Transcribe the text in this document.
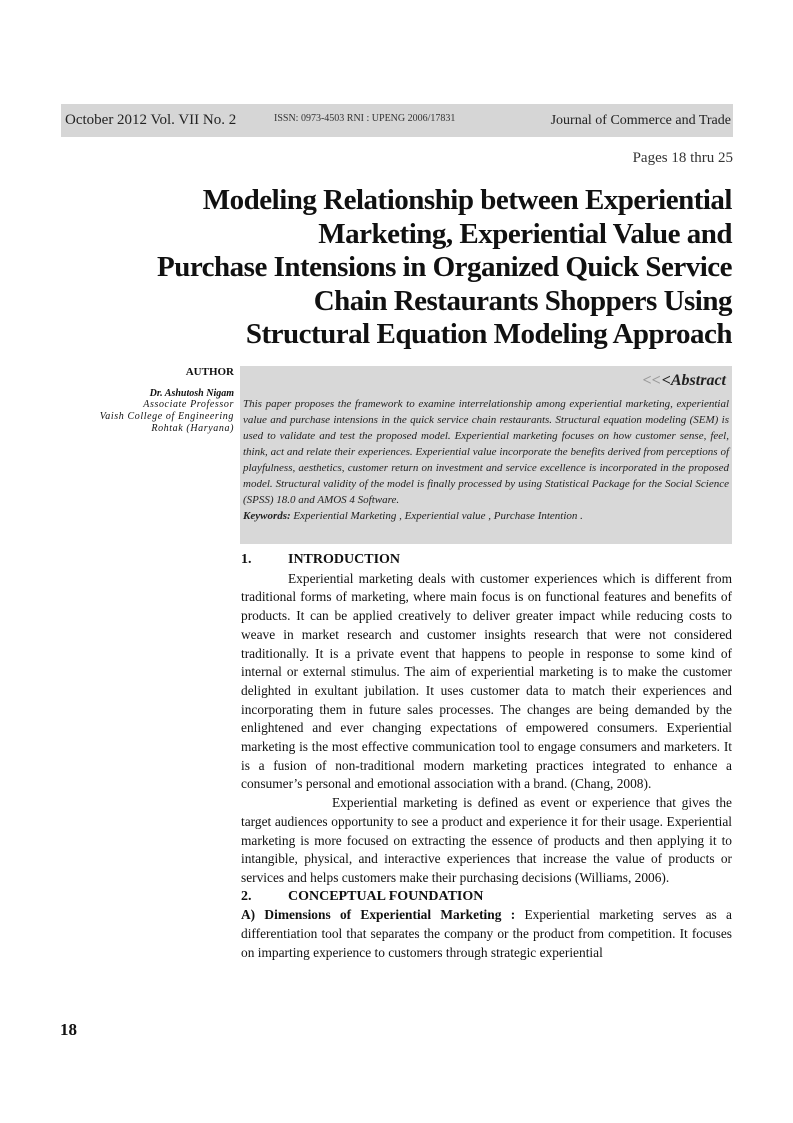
October 2012 Vol. VII No. 2	ISSN: 0973-4503 RNI : UPENG 2006/17831	Journal of Commerce and Trade
Pages 18 thru 25
Modeling Relationship between Experiential
Marketing, Experiential Value and
Purchase Intensions in Organized Quick Service
Chain Restaurants Shoppers Using
Structural Equation Modeling Approach
AUTHOR
Dr. Ashutosh Nigam
Associate Professor
Vaish College of Engineering
Rohtak (Haryana)
<<<Abstract
This paper proposes the framework to examine interrelationship among experiential marketing, experiential value and purchase intensions in the quick service chain restaurants. Structural equation modeling (SEM) is used to validate and test the proposed model. Experiential marketing focuses on how customer sense, feel, think, act and relate their experiences. Experiential value incorporate the benefits derived from perceptions of playfulness, aesthetics, customer return on investment and service excellence is incorporated in the proposed model. Structural validity of the model is finally processed by using Statistical Package for the Social Science (SPSS) 18.0 and AMOS 4 Software.
Keywords: Experiential Marketing , Experiential value , Purchase Intention .
1.	INTRODUCTION
Experiential marketing deals with customer experiences which is different from traditional forms of marketing, where main focus is on functional features and benefits of products. It can be applied creatively to deliver greater impact while reducing costs to weave in market research and customer insights research that were not considered traditionally. It is a private event that happens to people in response to some kind of internal or external stimulus. The aim of experiential marketing is to make the customer delighted in exultant jubilation. It uses customer data to match their experiences and incorporating them in future sales processes. The changes are being demanded by the enlightened and ever changing expectations of empowered consumers. Experiential marketing is the most effective communication tool to engage consumers and marketers. It is a fusion of non-traditional modern marketing practices integrated to enhance a consumer’s personal and emotional association with a brand. (Chang, 2008).
Experiential marketing is defined as event or experience that gives the target audiences opportunity to see a product and experience it for their usage. Experiential marketing is more focused on extracting the essence of products and then applying it to intangible, physical, and interactive experiences that increase the value of products or services and helps customers make their purchasing decisions (Williams, 2006).
2.	CONCEPTUAL FOUNDATION
A) Dimensions of Experiential Marketing : Experiential marketing serves as a differentiation tool that separates the company or the product from competition. It focuses on imparting experience to customers through strategic experiential
18
